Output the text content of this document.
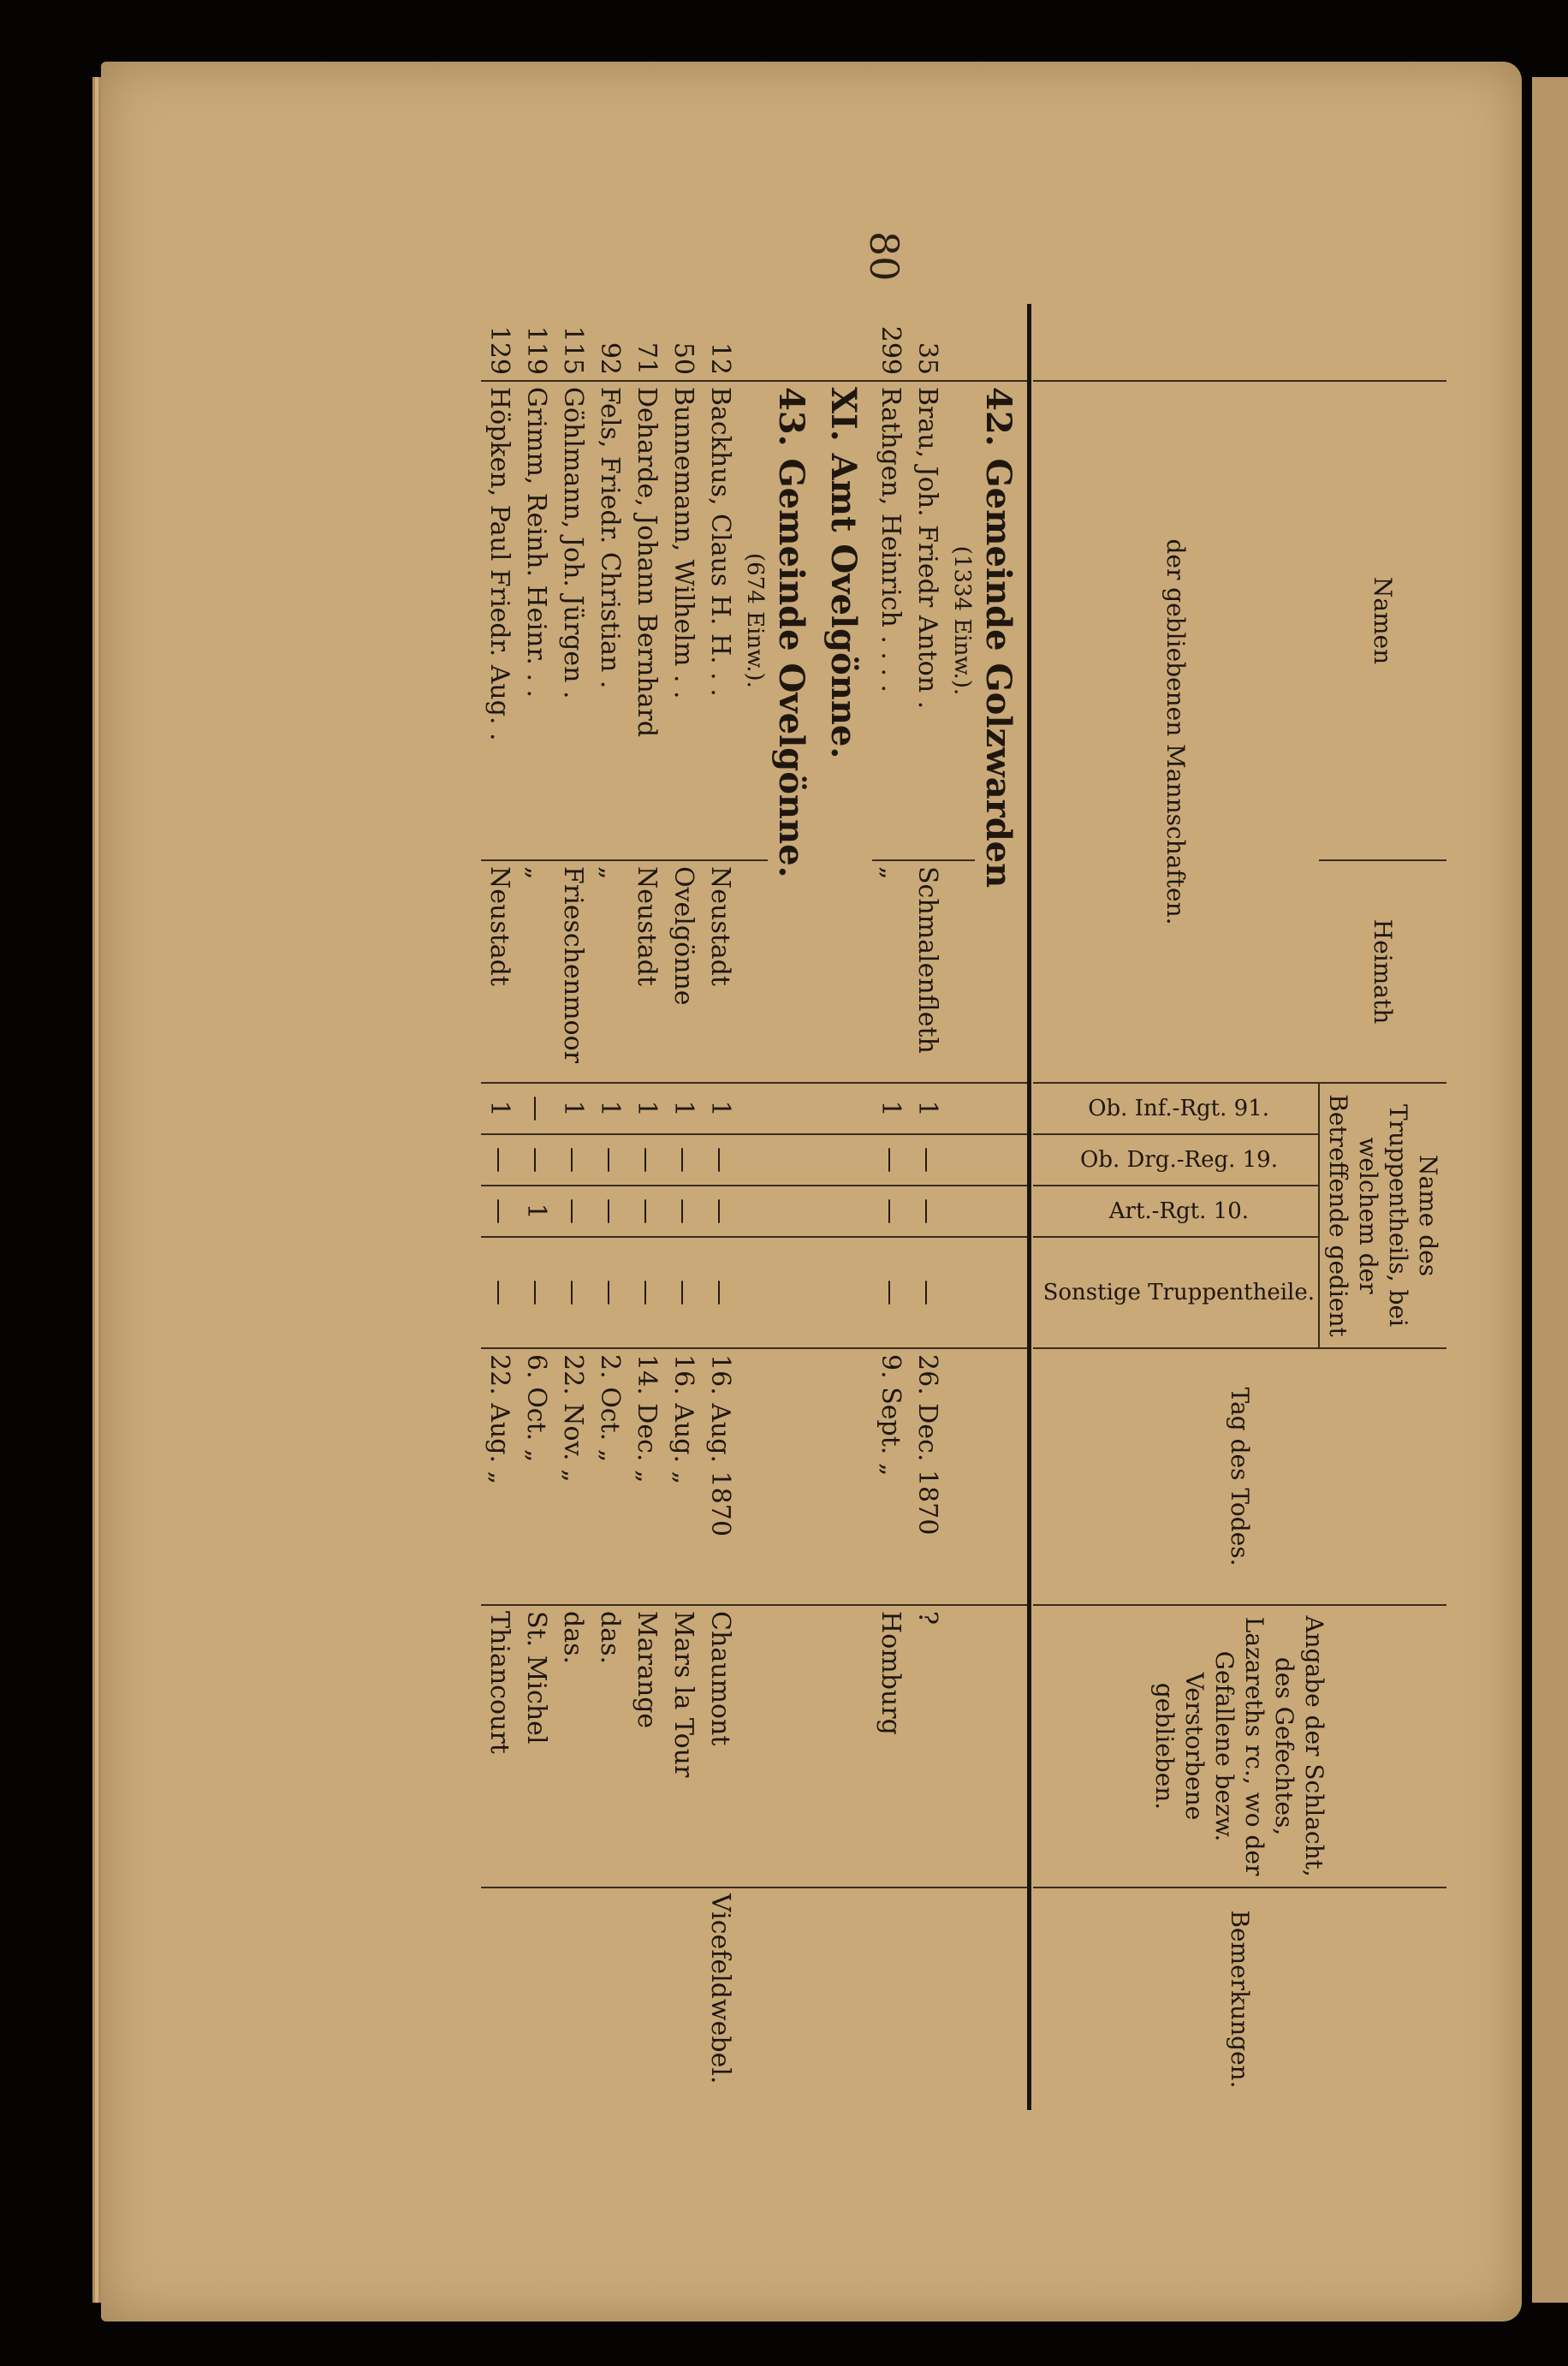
80
	Namen	Heimath	Name des Truppentheils, bei welchem der Betreffende gedient				Tag des Todes.	Angabe der Schlacht, des Gefechtes, Lazareths rc., wo der Gefallene bezw. Verstorbene geblieben.	Bemerkungen.
	der gebliebenen Mannschaften.		Ob. Inf.-Rgt. 91.	Ob. Drg.-Reg. 19.	Art.-Rgt. 10.	Sonstige Truppentheile.			

	42. Gemeinde Golzwarden								
	(1334 Einw.).								
35	Brau, Joh. Friedr Anton .	Schmalenfleth	1	—	—	—	26. Dec. 1870	?	
299	Rathgen, Heinrich . . . .	„	1	—	—	—	9. Sept. „	Homburg	
	XI. Amt Ovelgönne.								
	43. Gemeinde Ovelgönne.								
	(674 Einw.).								
12	Backhus, Claus H. H. . .	Neustadt	1	—	—	—	16. Aug. 1870	Chaumont	Vicefeldwebel.
50	Bunnemann, Wilhelm . .	Ovelgönne	1	—	—	—	16. Aug. „	Mars la Tour	
71	Deharde, Johann Bernhard	Neustadt	1	—	—	—	14. Dec. „	Marange	
92	Fels, Friedr. Christian .	„	1	—	—	—	2. Oct. „	das.	
115	Göhlmann, Joh. Jürgen .	Frieschenmoor	1	—	—	—	22. Nov. „	das.	
119	Grimm, Reinh. Heinr. . .	„	—	—	1	—	6. Oct. „	St. Michel	
129	Höpken, Paul Friedr. Aug. .	Neustadt	1	—	—	—	22. Aug. „	Thiancourt	
